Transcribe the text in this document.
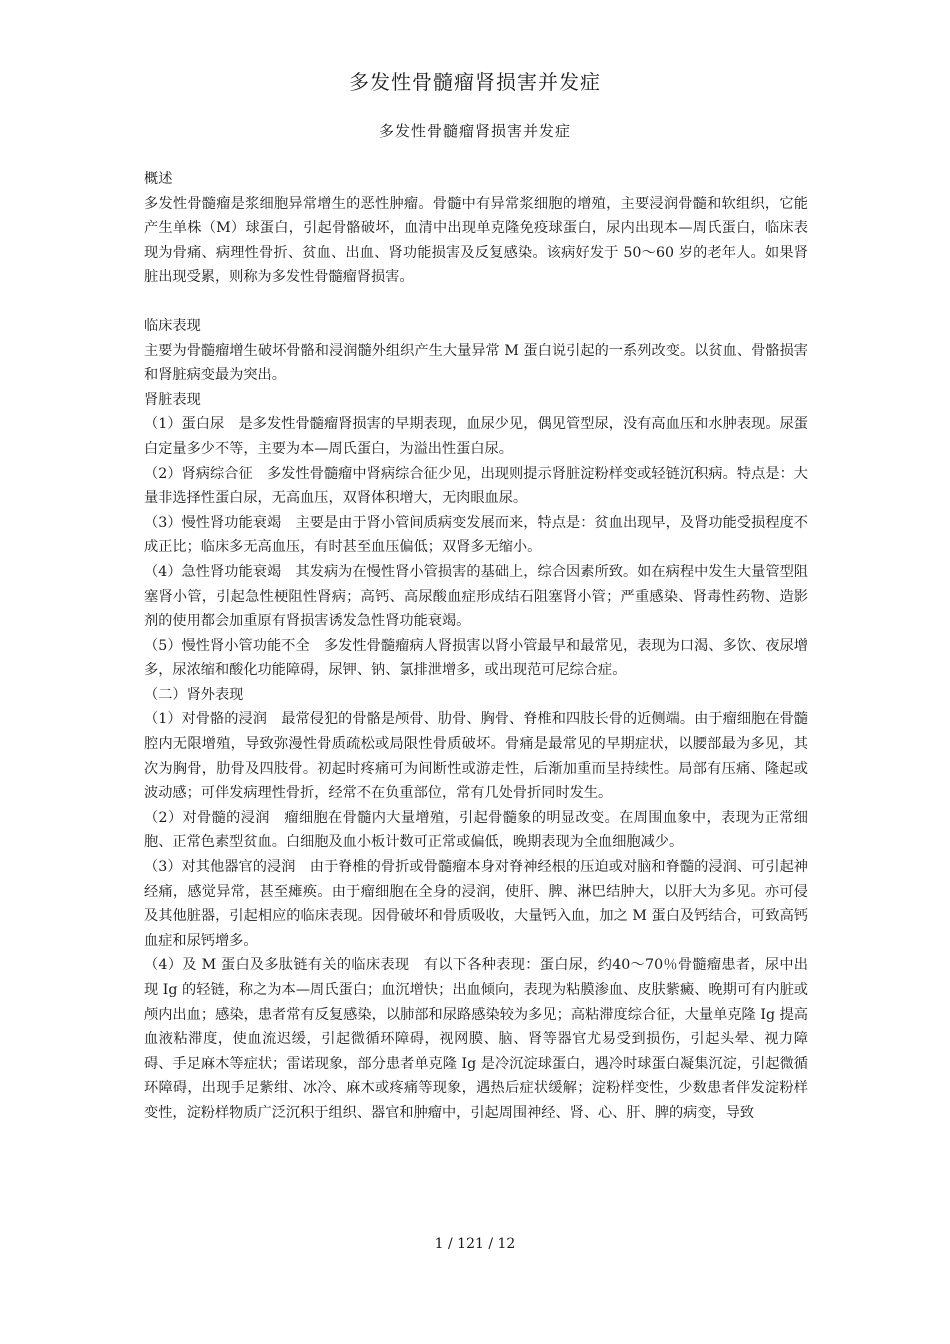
多发性骨髓瘤肾损害并发症
多发性骨髓瘤肾损害并发症

概述

多发性骨髓瘤是浆细胞异常增生的恶性肿瘤。骨髓中有异常浆细胞的增殖，主要浸润骨髓和软组织，它能产生单株（M）球蛋白，引起骨骼破坏，血清中出现单克隆免疫球蛋白，尿内出现本—周氏蛋白，临床表现为骨痛、病理性骨折、贫血、出血、肾功能损害及反复感染。该病好发于 50～60 岁的老年人。如果肾脏出现受累，则称为多发性骨髓瘤肾损害。

临床表现

主要为骨髓瘤增生破坏骨骼和浸润髓外组织产生大量异常 M 蛋白说引起的一系列改变。以贫血、骨骼损害和肾脏病变最为突出。

肾脏表现

（1）蛋白尿　是多发性骨髓瘤肾损害的早期表现，血尿少见，偶见管型尿，没有高血压和水肿表现。尿蛋白定量多少不等，主要为本—周氏蛋白，为溢出性蛋白尿。

（2）肾病综合征　多发性骨髓瘤中肾病综合征少见，出现则提示肾脏淀粉样变或轻链沉积病。特点是：大量非选择性蛋白尿，无高血压，双肾体积增大，无肉眼血尿。

（3）慢性肾功能衰竭　主要是由于肾小管间质病变发展而来，特点是：贫血出现早，及肾功能受损程度不成正比；临床多无高血压，有时甚至血压偏低；双肾多无缩小。

（4）急性肾功能衰竭　其发病为在慢性肾小管损害的基础上，综合因素所致。如在病程中发生大量管型阻塞肾小管，引起急性梗阻性肾病；高钙、高尿酸血症形成结石阻塞肾小管；严重感染、肾毒性药物、造影剂的使用都会加重原有肾损害诱发急性肾功能衰竭。

（5）慢性肾小管功能不全　多发性骨髓瘤病人肾损害以肾小管最早和最常见，表现为口渴、多饮、夜尿增多，尿浓缩和酸化功能障碍，尿钾、钠、氯排泄增多，或出现范可尼综合症。

（二）肾外表现

（1）对骨骼的浸润　最常侵犯的骨骼是颅骨、肋骨、胸骨、脊椎和四肢长骨的近侧端。由于瘤细胞在骨髓腔内无限增殖，导致弥漫性骨质疏松或局限性骨质破坏。骨痛是最常见的早期症状，以腰部最为多见，其次为胸骨，肋骨及四肢骨。初起时疼痛可为间断性或游走性，后渐加重而呈持续性。局部有压痛、隆起或波动感；可伴发病理性骨折，经常不在负重部位，常有几处骨折同时发生。

（2）对骨髓的浸润　瘤细胞在骨髓内大量增殖，引起骨髓象的明显改变。在周围血象中，表现为正常细胞、正常色素型贫血。白细胞及血小板计数可正常或偏低，晚期表现为全血细胞减少。

（3）对其他器官的浸润　由于脊椎的骨折或骨髓瘤本身对脊神经根的压迫或对脑和脊髓的浸润、可引起神经痛，感觉异常，甚至瘫痪。由于瘤细胞在全身的浸润，使肝、脾、淋巴结肿大，以肝大为多见。亦可侵及其他脏器，引起相应的临床表现。因骨破坏和骨质吸收，大量钙入血，加之 M 蛋白及钙结合，可致高钙血症和尿钙增多。

（4）及 M 蛋白及多肽链有关的临床表现　有以下各种表现：蛋白尿，约40～70％骨髓瘤患者，尿中出现 Ig 的轻链，称之为本—周氏蛋白；血沉增快；出血倾向，表现为粘膜渗血、皮肤紫癜、晚期可有内脏或颅内出血；感染，患者常有反复感染，以肺部和尿路感染较为多见；高粘滞度综合征，大量单克隆 Ig 提高血液粘滞度，使血流迟缓，引起微循环障碍，视网膜、脑、肾等器官尤易受到损伤，引起头晕、视力障碍、手足麻木等症状；雷诺现象，部分患者单克隆 Ig 是冷沉淀球蛋白，遇冷时球蛋白凝集沉淀，引起微循环障碍，出现手足紫绀、冰冷、麻木或疼痛等现象，遇热后症状缓解；淀粉样变性，少数患者伴发淀粉样变性，淀粉样物质广泛沉积于组织、器官和肿瘤中，引起周围神经、肾、心、肝、脾的病变，导致

1 / 121 / 12
